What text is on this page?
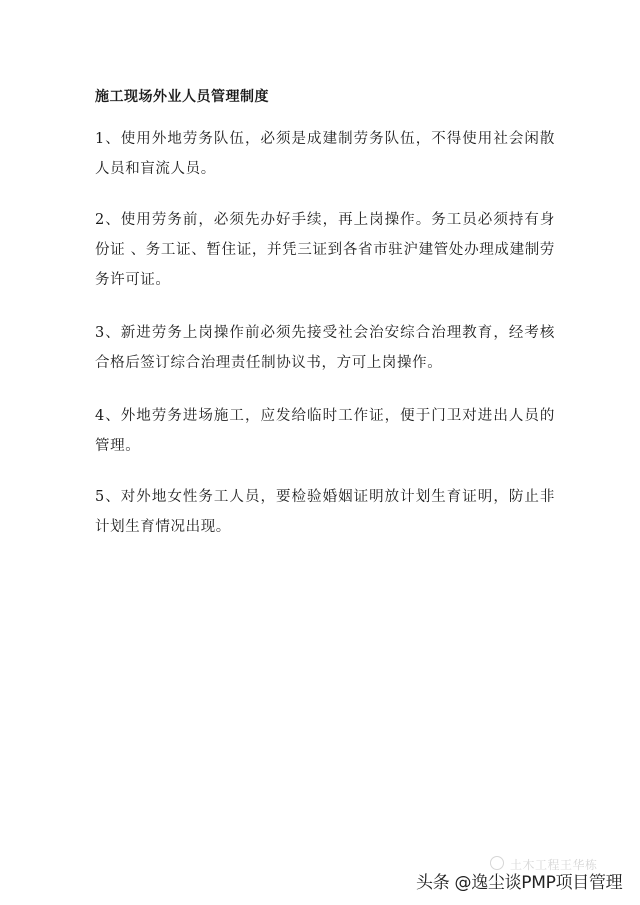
施工现场外业人员管理制度

1、使用外地劳务队伍，必须是成建制劳务队伍，不得使用社会闲散人员和盲流人员。

2、使用劳务前，必须先办好手续，再上岗操作。务工员必须持有身份证 、务工证、暂住证，并凭三证到各省市驻沪建管处办理成建制劳务许可证。

3、新进劳务上岗操作前必须先接受社会治安综合治理教育，经考核合格后签订综合治理责任制协议书，方可上岗操作。

4、外地劳务进场施工，应发给临时工作证，便于门卫对进出人员的管理。

5、对外地女性务工人员，要检验婚姻证明放计划生育证明，防止非计划生育情况出现。

土木工程王华栋
头条 @逸尘谈PMP项目管理
